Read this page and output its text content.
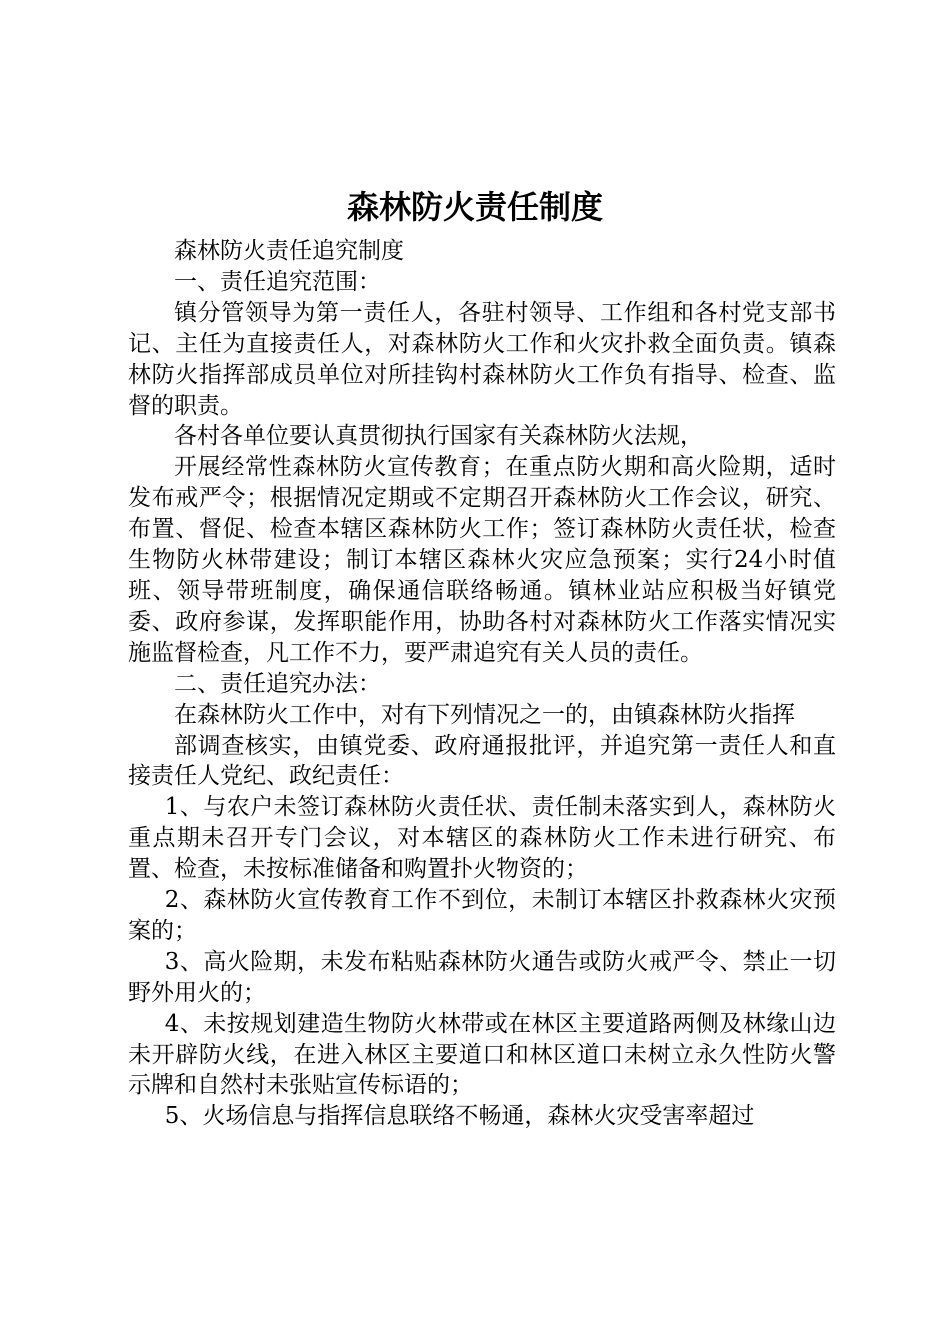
森林防火责任制度

森林防火责任追究制度

一、责任追究范围：

镇分管领导为第一责任人，各驻村领导、工作组和各村党支部书记、主任为直接责任人，对森林防火工作和火灾扑救全面负责。镇森林防火指挥部成员单位对所挂钩村森林防火工作负有指导、检查、监督的职责。

各村各单位要认真贯彻执行国家有关森林防火法规，

开展经常性森林防火宣传教育；在重点防火期和高火险期，适时发布戒严令；根据情况定期或不定期召开森林防火工作会议，研究、布置、督促、检查本辖区森林防火工作；签订森林防火责任状，检查生物防火林带建设；制订本辖区森林火灾应急预案；实行24小时值班、领导带班制度，确保通信联络畅通。镇林业站应积极当好镇党委、政府参谋，发挥职能作用，协助各村对森林防火工作落实情况实施监督检查，凡工作不力，要严肃追究有关人员的责任。

二、责任追究办法：

在森林防火工作中，对有下列情况之一的，由镇森林防火指挥

部调查核实，由镇党委、政府通报批评，并追究第一责任人和直接责任人党纪、政纪责任：

1、与农户未签订森林防火责任状、责任制未落实到人，森林防火重点期未召开专门会议，对本辖区的森林防火工作未进行研究、布置、检查，未按标准储备和购置扑火物资的；

2、森林防火宣传教育工作不到位，未制订本辖区扑救森林火灾预案的；

3、高火险期，未发布粘贴森林防火通告或防火戒严令、禁止一切野外用火的；

4、未按规划建造生物防火林带或在林区主要道路两侧及林缘山边未开辟防火线，在进入林区主要道口和林区道口未树立永久性防火警示牌和自然村未张贴宣传标语的；

5、火场信息与指挥信息联络不畅通，森林火灾受害率超过
